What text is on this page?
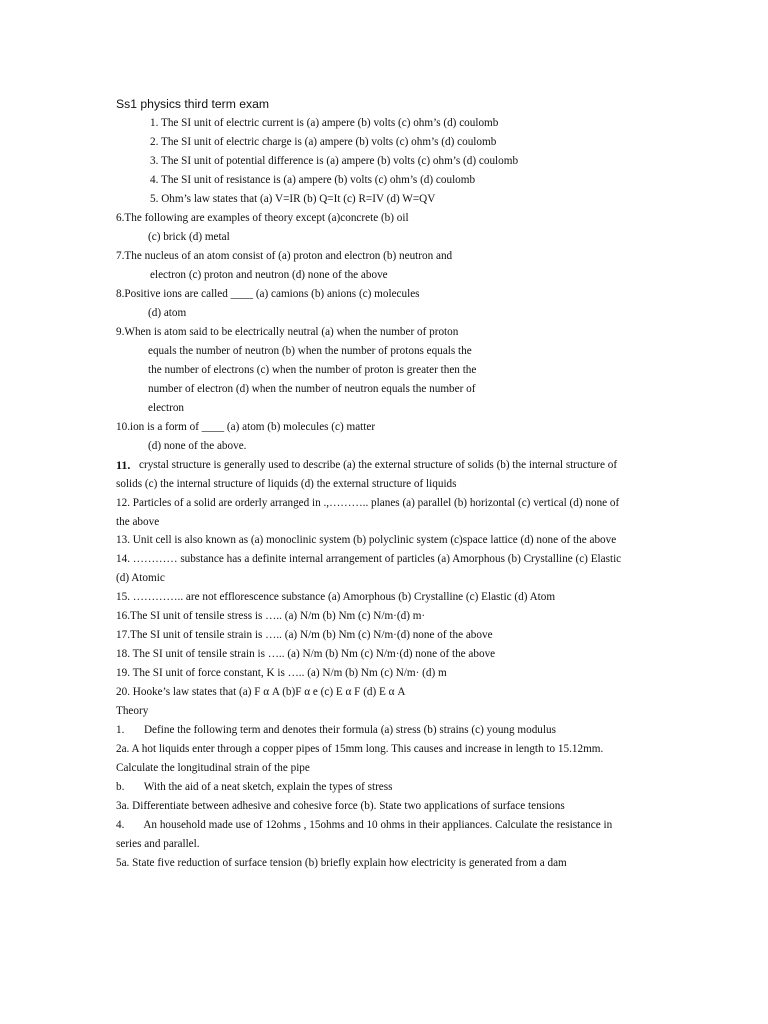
Ss1 physics third term exam
1. The SI unit of electric current is (a) ampere (b) volts (c) ohm’s (d) coulomb
2. The SI unit of electric charge is (a) ampere (b) volts (c) ohm’s (d) coulomb
3. The SI unit of potential difference is (a) ampere (b) volts (c) ohm’s (d) coulomb
4. The SI unit of resistance is (a) ampere (b) volts (c) ohm’s (d) coulomb
5. Ohm’s law states that (a) V=IR (b) Q=It (c) R=IV (d) W=QV
6.The following are examples of theory except (a)concrete (b) oil
(c) brick (d) metal
7.The nucleus of an atom consist of (a) proton and electron (b) neutron and
electron (c) proton and neutron (d) none of the above
8.Positive ions are called ____ (a) camions (b) anions (c) molecules
(d) atom
9.When is atom said to be electrically neutral (a) when the number of proton
equals the number of neutron (b) when the number of protons equals the
the number of electrons (c) when the number of proton is greater then the
number of electron (d) when the number of neutron equals the number of
electron
10.ion is a form of ____ (a) atom (b) molecules (c) matter
(d) none of the above.
11. crystal structure is generally used to describe (a) the external structure of solids (b) the internal structure of
solids (c) the internal structure of liquids (d) the external structure of liquids
12. Particles of a solid are orderly arranged in .,……….. planes (a) parallel (b) horizontal (c) vertical (d) none of
the above
13. Unit cell is also known as (a) monoclinic system (b) polyclinic system (c)space lattice (d) none of the above
14. ………… substance has a definite internal arrangement of particles (a) Amorphous (b) Crystalline (c) Elastic
(d) Atomic
15. ………….. are not efflorescence substance (a) Amorphous (b) Crystalline (c) Elastic (d) Atom
16.The SI unit of tensile stress is ….. (a) N/m (b) Nm (c) N/m·(d) m·
17.The SI unit of tensile strain is ….. (a) N/m (b) Nm (c) N/m·(d) none of the above
18. The SI unit of tensile strain is ….. (a) N/m (b) Nm (c) N/m·(d) none of the above
19. The SI unit of force constant, K is ….. (a) N/m (b) Nm (c) N/m· (d) m
20. Hooke’s law states that (a) F α A (b)F α e (c) E α F (d) E α A
Theory
1.       Define the following term and denotes their formula (a) stress (b) strains (c) young modulus
2a. A hot liquids enter through a copper pipes of 15mm long. This causes and increase in length to 15.12mm.
Calculate the longitudinal strain of the pipe
b.       With the aid of a neat sketch, explain the types of stress
3a. Differentiate between adhesive and cohesive force (b). State two applications of surface tensions
4.       An household made use of 12ohms , 15ohms and 10 ohms in their appliances. Calculate the resistance in
series and parallel.
5a. State five reduction of surface tension (b) briefly explain how electricity is generated from a dam
